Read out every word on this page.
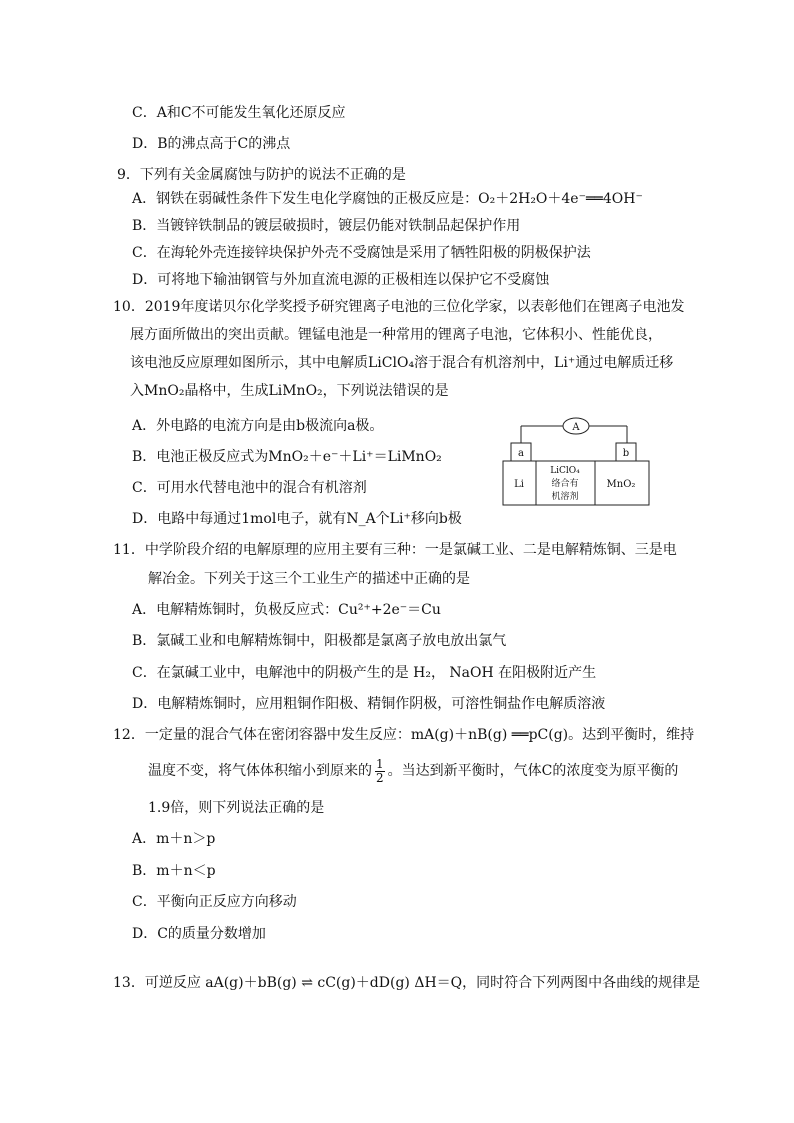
C．A和C不可能发生氧化还原反应
D．B的沸点高于C的沸点
9．下列有关金属腐蚀与防护的说法不正确的是
A．钢铁在弱碱性条件下发生电化学腐蚀的正极反应是：O₂＋2H₂O＋4e⁻══4OH⁻
B．当镀锌铁制品的镀层破损时，镀层仍能对铁制品起保护作用
C．在海轮外壳连接锌块保护外壳不受腐蚀是采用了牺牲阳极的阴极保护法
D．可将地下输油钢管与外加直流电源的正极相连以保护它不受腐蚀
10．2019年度诺贝尔化学奖授予研究锂离子电池的三位化学家，以表彰他们在锂离子电池发
展方面所做出的突出贡献。锂锰电池是一种常用的锂离子电池，它体积小、性能优良，
该电池反应原理如图所示，其中电解质LiClO₄溶于混合有机溶剂中，Li⁺通过电解质迁移
入MnO₂晶格中，生成LiMnO₂，下列说法错误的是
A．外电路的电流方向是由b极流向a极。
B．电池正极反应式为MnO₂＋e⁻＋Li⁺＝LiMnO₂
C．可用水代替电池中的混合有机溶剂
D．电路中每通过1mol电子，就有N_A个Li⁺移向b极
A
a	b
Li
LiClO₄
络合有
机溶剂
MnO₂
11．中学阶段介绍的电解原理的应用主要有三种：一是氯碱工业、二是电解精炼铜、三是电
解冶金。下列关于这三个工业生产的描述中正确的是
A．电解精炼铜时，负极反应式：Cu²⁺+2e⁻＝Cu
B．氯碱工业和电解精炼铜中，阳极都是氯离子放电放出氯气
C．在氯碱工业中，电解池中的阴极产生的是 H₂， NaOH 在阳极附近产生
D．电解精炼铜时，应用粗铜作阳极、精铜作阴极，可溶性铜盐作电解质溶液
12．一定量的混合气体在密闭容器中发生反应：mA(g)＋nB(g) ══pC(g)。达到平衡时，维持
温度不变，将气体体积缩小到原来的 $\frac{1}{2}$ 。当达到新平衡时，气体C的浓度变为原平衡的
1.9倍，则下列说法正确的是
A．m＋n＞p
B．m＋n＜p
C．平衡向正反应方向移动
D．C的质量分数增加
13．可逆反应 aA(g)＋bB(g) ⇌ cC(g)＋dD(g) ΔH＝Q，同时符合下列两图中各曲线的规律是
